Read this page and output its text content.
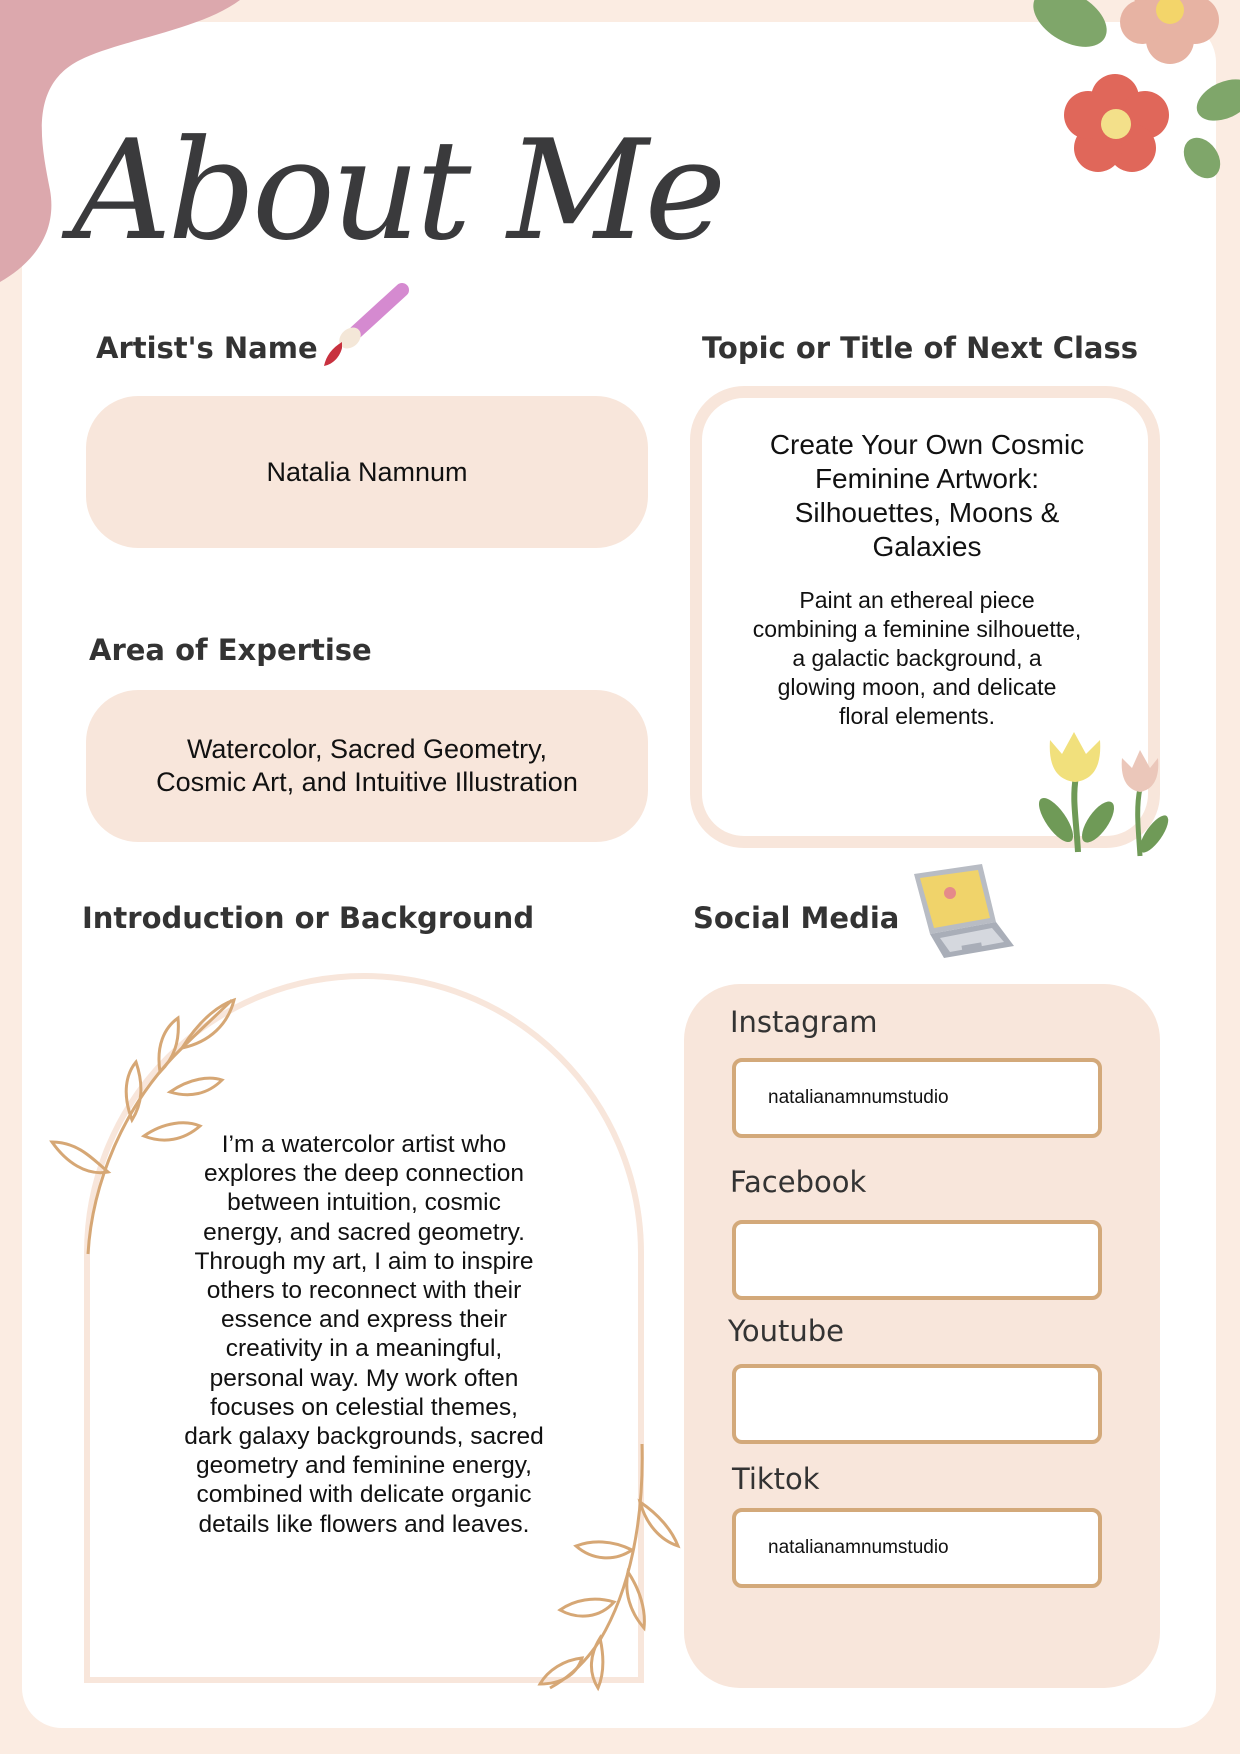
About Me
Artist's Name
Natalia Namnum
Area of Expertise
Watercolor, Sacred Geometry,
Cosmic Art, and Intuitive Illustration
Topic or Title of Next Class
Create Your Own Cosmic Feminine Artwork: Silhouettes, Moons & Galaxies
Paint an ethereal piece combining a feminine silhouette, a galactic background, a glowing moon, and delicate floral elements.
Introduction or Background
I’m a watercolor artist who explores the deep connection between intuition, cosmic energy, and sacred geometry. Through my art, I aim to inspire others to reconnect with their essence and express their creativity in a meaningful, personal way. My work often focuses on celestial themes, dark galaxy backgrounds, sacred geometry and feminine energy, combined with delicate organic details like flowers and leaves.
Social Media
Instagram
natalianamnumstudio
Facebook
Youtube
Tiktok
natalianamnumstudio
